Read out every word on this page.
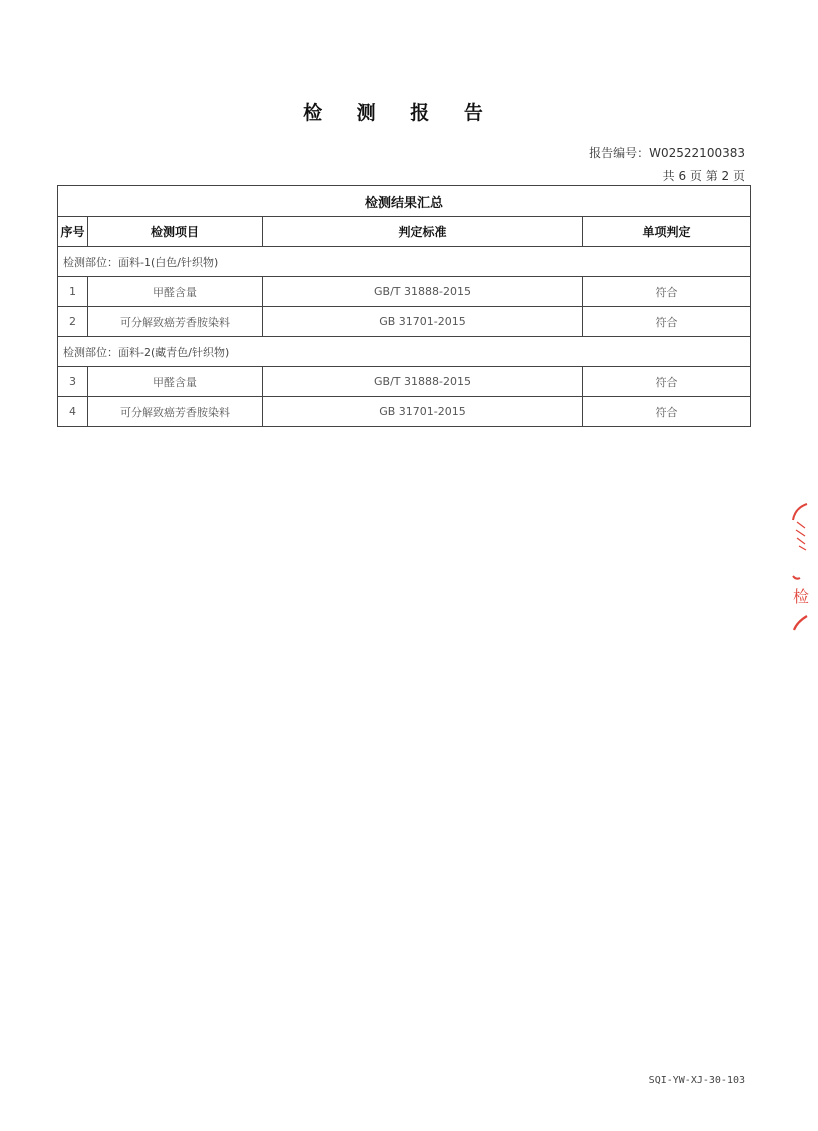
检 测 报 告
报告编号：W02522100383
共 6 页 第 2 页
检测结果汇总			
序号	检测项目	判定标准	单项判定
检测部位：面料-1(白色/针织物)			
1	甲醛含量	GB/T 31888-2015	符合
2	可分解致癌芳香胺染料	GB 31701-2015	符合
检测部位：面料-2(藏青色/针织物)			
3	甲醛含量	GB/T 31888-2015	符合
4	可分解致癌芳香胺染料	GB 31701-2015	符合
检
SQI-YW-XJ-30-103
